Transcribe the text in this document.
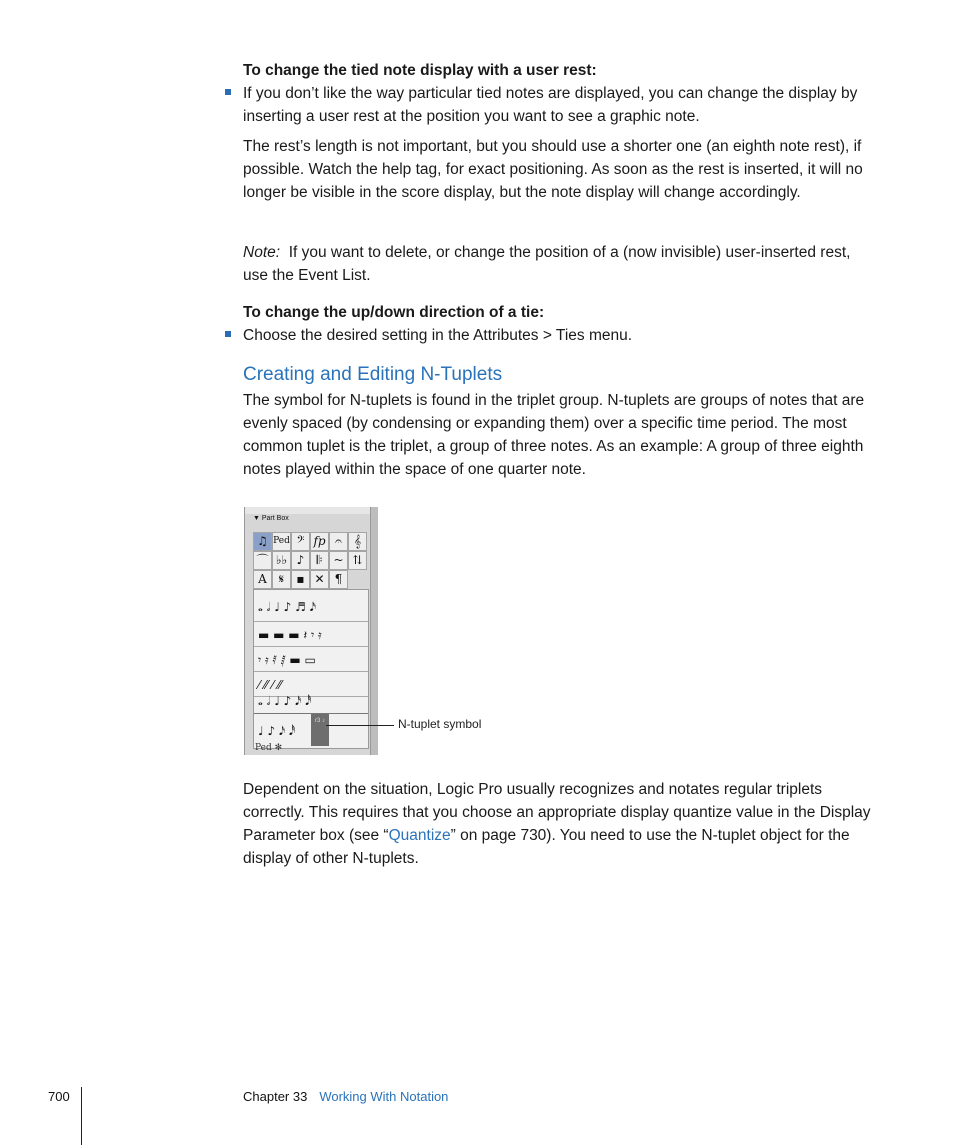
To change the tied note display with a user rest:
If you don’t like the way particular tied notes are displayed, you can change the display by inserting a user rest at the position you want to see a graphic note.
The rest’s length is not important, but you should use a shorter one (an eighth note rest), if possible. Watch the help tag, for exact positioning. As soon as the rest is inserted, it will no longer be visible in the score display, but the note display will change accordingly.
Note: If you want to delete, or change the position of a (now invisible) user-inserted rest, use the Event List.
To change the up/down direction of a tie:
Choose the desired setting in the Attributes > Ties menu.
Creating and Editing N-Tuplets
The symbol for N-tuplets is found in the triplet group. N-tuplets are groups of notes that are evenly spaced (by condensing or expanding them) over a specific time period. The most common tuplet is the triplet, a group of three notes. As an example: A group of three eighth notes played within the space of one quarter note.
▼ Part Box
♫ Ped 𝄢 fp 𝄐	𝄞
⌒ ♭♭ ♪	𝄆 ~ ⇅
A	𝄋	▪ ✕ ¶
𝅝 𝅗𝅥 ♩ ♪ ♬ 𝅘𝅥𝅯
▬ ▬ ▬ 𝄽 𝄾 𝄿
𝄾 𝄿 𝅀 𝅁 ▬ ▭
⁄ ⁄⁄ ⁄ ⁄⁄
𝅝 𝅗𝅥 ♩ ♪ 𝅘𝅥𝅯 𝅘𝅥𝅰
♩ ♪ 𝅘𝅥𝅯 𝅘𝅥𝅰
r3 ♪
Ped ✻
N-tuplet symbol
Dependent on the situation, Logic Pro usually recognizes and notates regular triplets correctly. This requires that you choose an appropriate display quantize value in the Display Parameter box (see “Quantize” on page 730). You need to use the N-tuplet object for the display of other N-tuplets.
700	Chapter 33 Working With Notation
